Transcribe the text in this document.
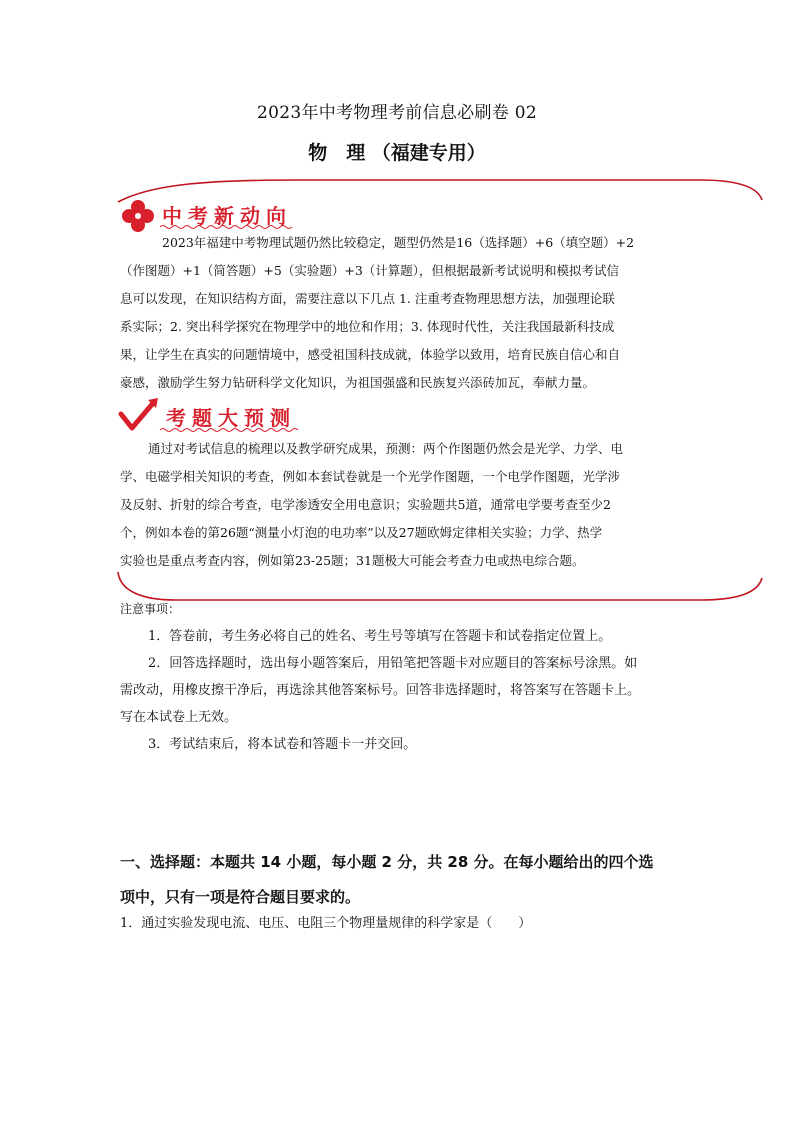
2023年中考物理考前信息必刷卷 02
物　理 （福建专用）
中考新动向
2023年福建中考物理试题仍然比较稳定，题型仍然是16（选择题）+6（填空题）+2
（作图题）+1（简答题）+5（实验题）+3（计算题），但根据最新考试说明和模拟考试信
息可以发现，在知识结构方面，需要注意以下几点 1. 注重考查物理思想方法，加强理论联
系实际；2. 突出科学探究在物理学中的地位和作用；3. 体现时代性，关注我国最新科技成
果，让学生在真实的问题情境中，感受祖国科技成就，体验学以致用，培育民族自信心和自
豪感，激励学生努力钻研科学文化知识，为祖国强盛和民族复兴添砖加瓦，奉献力量。
考题大预测
通过对考试信息的梳理以及教学研究成果，预测：两个作图题仍然会是光学、力学、电
学、电磁学相关知识的考查，例如本套试卷就是一个光学作图题，一个电学作图题，光学涉
及反射、折射的综合考查，电学渗透安全用电意识；实验题共5道，通常电学要考查至少2
个，例如本卷的第26题“测量小灯泡的电功率”以及27题欧姆定律相关实验；力学、热学
实验也是重点考查内容，例如第23-25题；31题极大可能会考查力电或热电综合题。
注意事项：
1．答卷前，考生务必将自己的姓名、考生号等填写在答题卡和试卷指定位置上。
2．回答选择题时，选出每小题答案后，用铅笔把答题卡对应题目的答案标号涂黑。如
需改动，用橡皮擦干净后，再选涂其他答案标号。回答非选择题时，将答案写在答题卡上。
写在本试卷上无效。
3．考试结束后，将本试卷和答题卡一并交回。
一、选择题：本题共 14 小题，每小题 2 分，共 28 分。在每小题给出的四个选
项中，只有一项是符合题目要求的。
1．通过实验发现电流、电压、电阻三个物理量规律的科学家是（　　）
